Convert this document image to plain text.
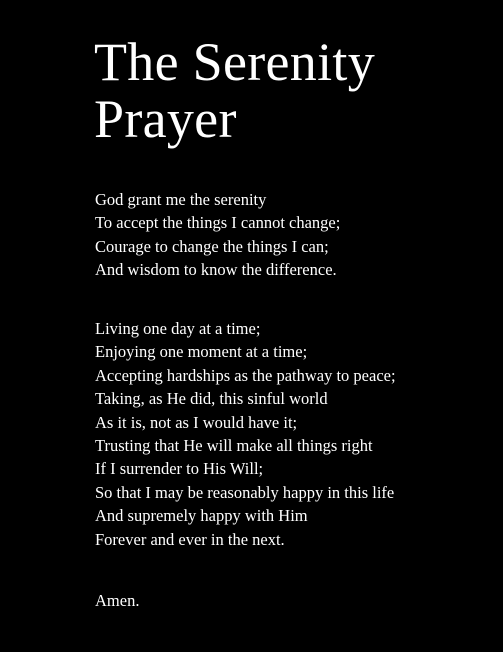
The Serenity
Prayer
God grant me the serenity
To accept the things I cannot change;
Courage to change the things I can;
And wisdom to know the difference.
Living one day at a time;
Enjoying one moment at a time;
Accepting hardships as the pathway to peace;
Taking, as He did, this sinful world
As it is, not as I would have it;
Trusting that He will make all things right
If I surrender to His Will;
So that I may be reasonably happy in this life
And supremely happy with Him
Forever and ever in the next.
Amen.
